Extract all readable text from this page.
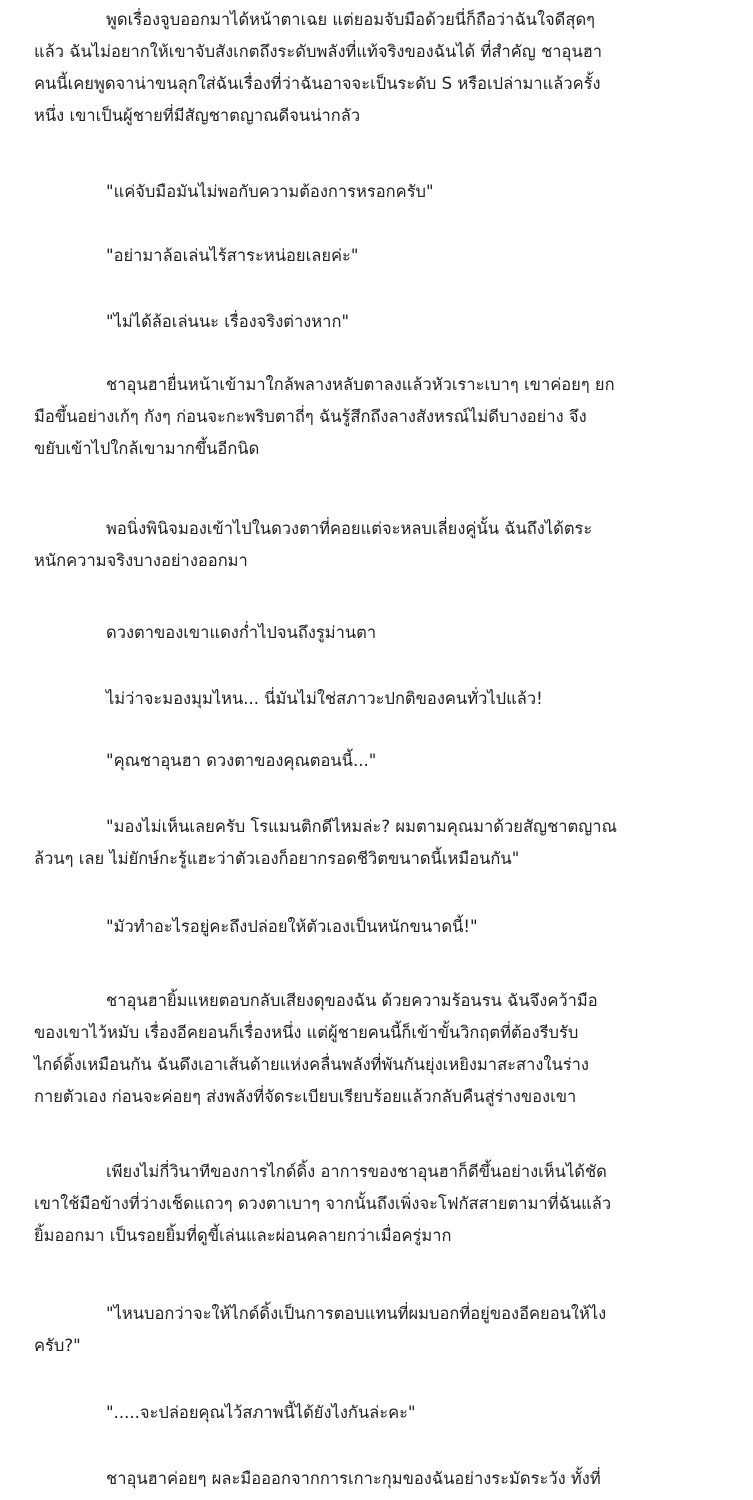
พูดเรื่องจูบออกมาได้หน้าตาเฉย แต่ยอมจับมือด้วยนี่ก็ถือว่าฉันใจดีสุดๆ
แล้ว ฉันไม่อยากให้เขาจับสังเกตถึงระดับพลังที่แท้จริงของฉันได้ ที่สำคัญ ชาอุนฮา
คนนี้เคยพูดจาน่าขนลุกใส่ฉันเรื่องที่ว่าฉันอาจจะเป็นระดับ S หรือเปล่ามาแล้วครั้ง
หนึ่ง เขาเป็นผู้ชายที่มีสัญชาตญาณดีจนน่ากลัว

"แค่จับมือมันไม่พอกับความต้องการหรอกครับ"

"อย่ามาล้อเล่นไร้สาระหน่อยเลยค่ะ"

"ไม่ได้ล้อเล่นนะ เรื่องจริงต่างหาก"

ชาอุนฮายื่นหน้าเข้ามาใกล้พลางหลับตาลงแล้วหัวเราะเบาๆ เขาค่อยๆ ยก
มือขึ้นอย่างเก้ๆ กังๆ ก่อนจะกะพริบตาถี่ๆ ฉันรู้สึกถึงลางสังหรณ์ไม่ดีบางอย่าง จึง
ขยับเข้าไปใกล้เขามากขึ้นอีกนิด

พอนิ่งพินิจมองเข้าไปในดวงตาที่คอยแต่จะหลบเลี่ยงคู่นั้น ฉันถึงได้ตระ
หนักความจริงบางอย่างออกมา

ดวงตาของเขาแดงก่ำไปจนถึงรูม่านตา

ไม่ว่าจะมองมุมไหน... นี่มันไม่ใช่สภาวะปกติของคนทั่วไปแล้ว!

"คุณชาอุนฮา ดวงตาของคุณตอนนี้..."

"มองไม่เห็นเลยครับ โรแมนติกดีไหมล่ะ? ผมตามคุณมาด้วยสัญชาตญาณ
ล้วนๆ เลย ไม่ยักษ์กะรู้แฮะว่าตัวเองก็อยากรอดชีวิตขนาดนี้เหมือนกัน"

"มัวทำอะไรอยู่คะถึงปล่อยให้ตัวเองเป็นหนักขนาดนี้!"

ชาอุนฮายิ้มแหยตอบกลับเสียงดุของฉัน ด้วยความร้อนรน ฉันจึงคว้ามือ
ของเขาไว้หมับ เรื่องอีคยอนก็เรื่องหนึ่ง แต่ผู้ชายคนนี้ก็เข้าขั้นวิกฤตที่ต้องรีบรับ
ไกด์ดิ้งเหมือนกัน ฉันดึงเอาเส้นด้ายแห่งคลื่นพลังที่พันกันยุ่งเหยิงมาสะสางในร่าง
กายตัวเอง ก่อนจะค่อยๆ ส่งพลังที่จัดระเบียบเรียบร้อยแล้วกลับคืนสู่ร่างของเขา

เพียงไม่กี่วินาทีของการไกด์ดิ้ง อาการของชาอุนฮาก็ดีขึ้นอย่างเห็นได้ชัด
เขาใช้มือข้างที่ว่างเช็ดแถวๆ ดวงตาเบาๆ จากนั้นถึงเพิ่งจะโฟกัสสายตามาที่ฉันแล้ว
ยิ้มออกมา เป็นรอยยิ้มที่ดูขี้เล่นและผ่อนคลายกว่าเมื่อครู่มาก

"ไหนบอกว่าจะให้ไกด์ดิ้งเป็นการตอบแทนที่ผมบอกที่อยู่ของอีคยอนให้ไง
ครับ?"

".....จะปล่อยคุณไว้สภาพนี้ได้ยังไงกันล่ะคะ"

ชาอุนฮาค่อยๆ ผละมือออกจากการเกาะกุมของฉันอย่างระมัดระวัง ทั้งที่
